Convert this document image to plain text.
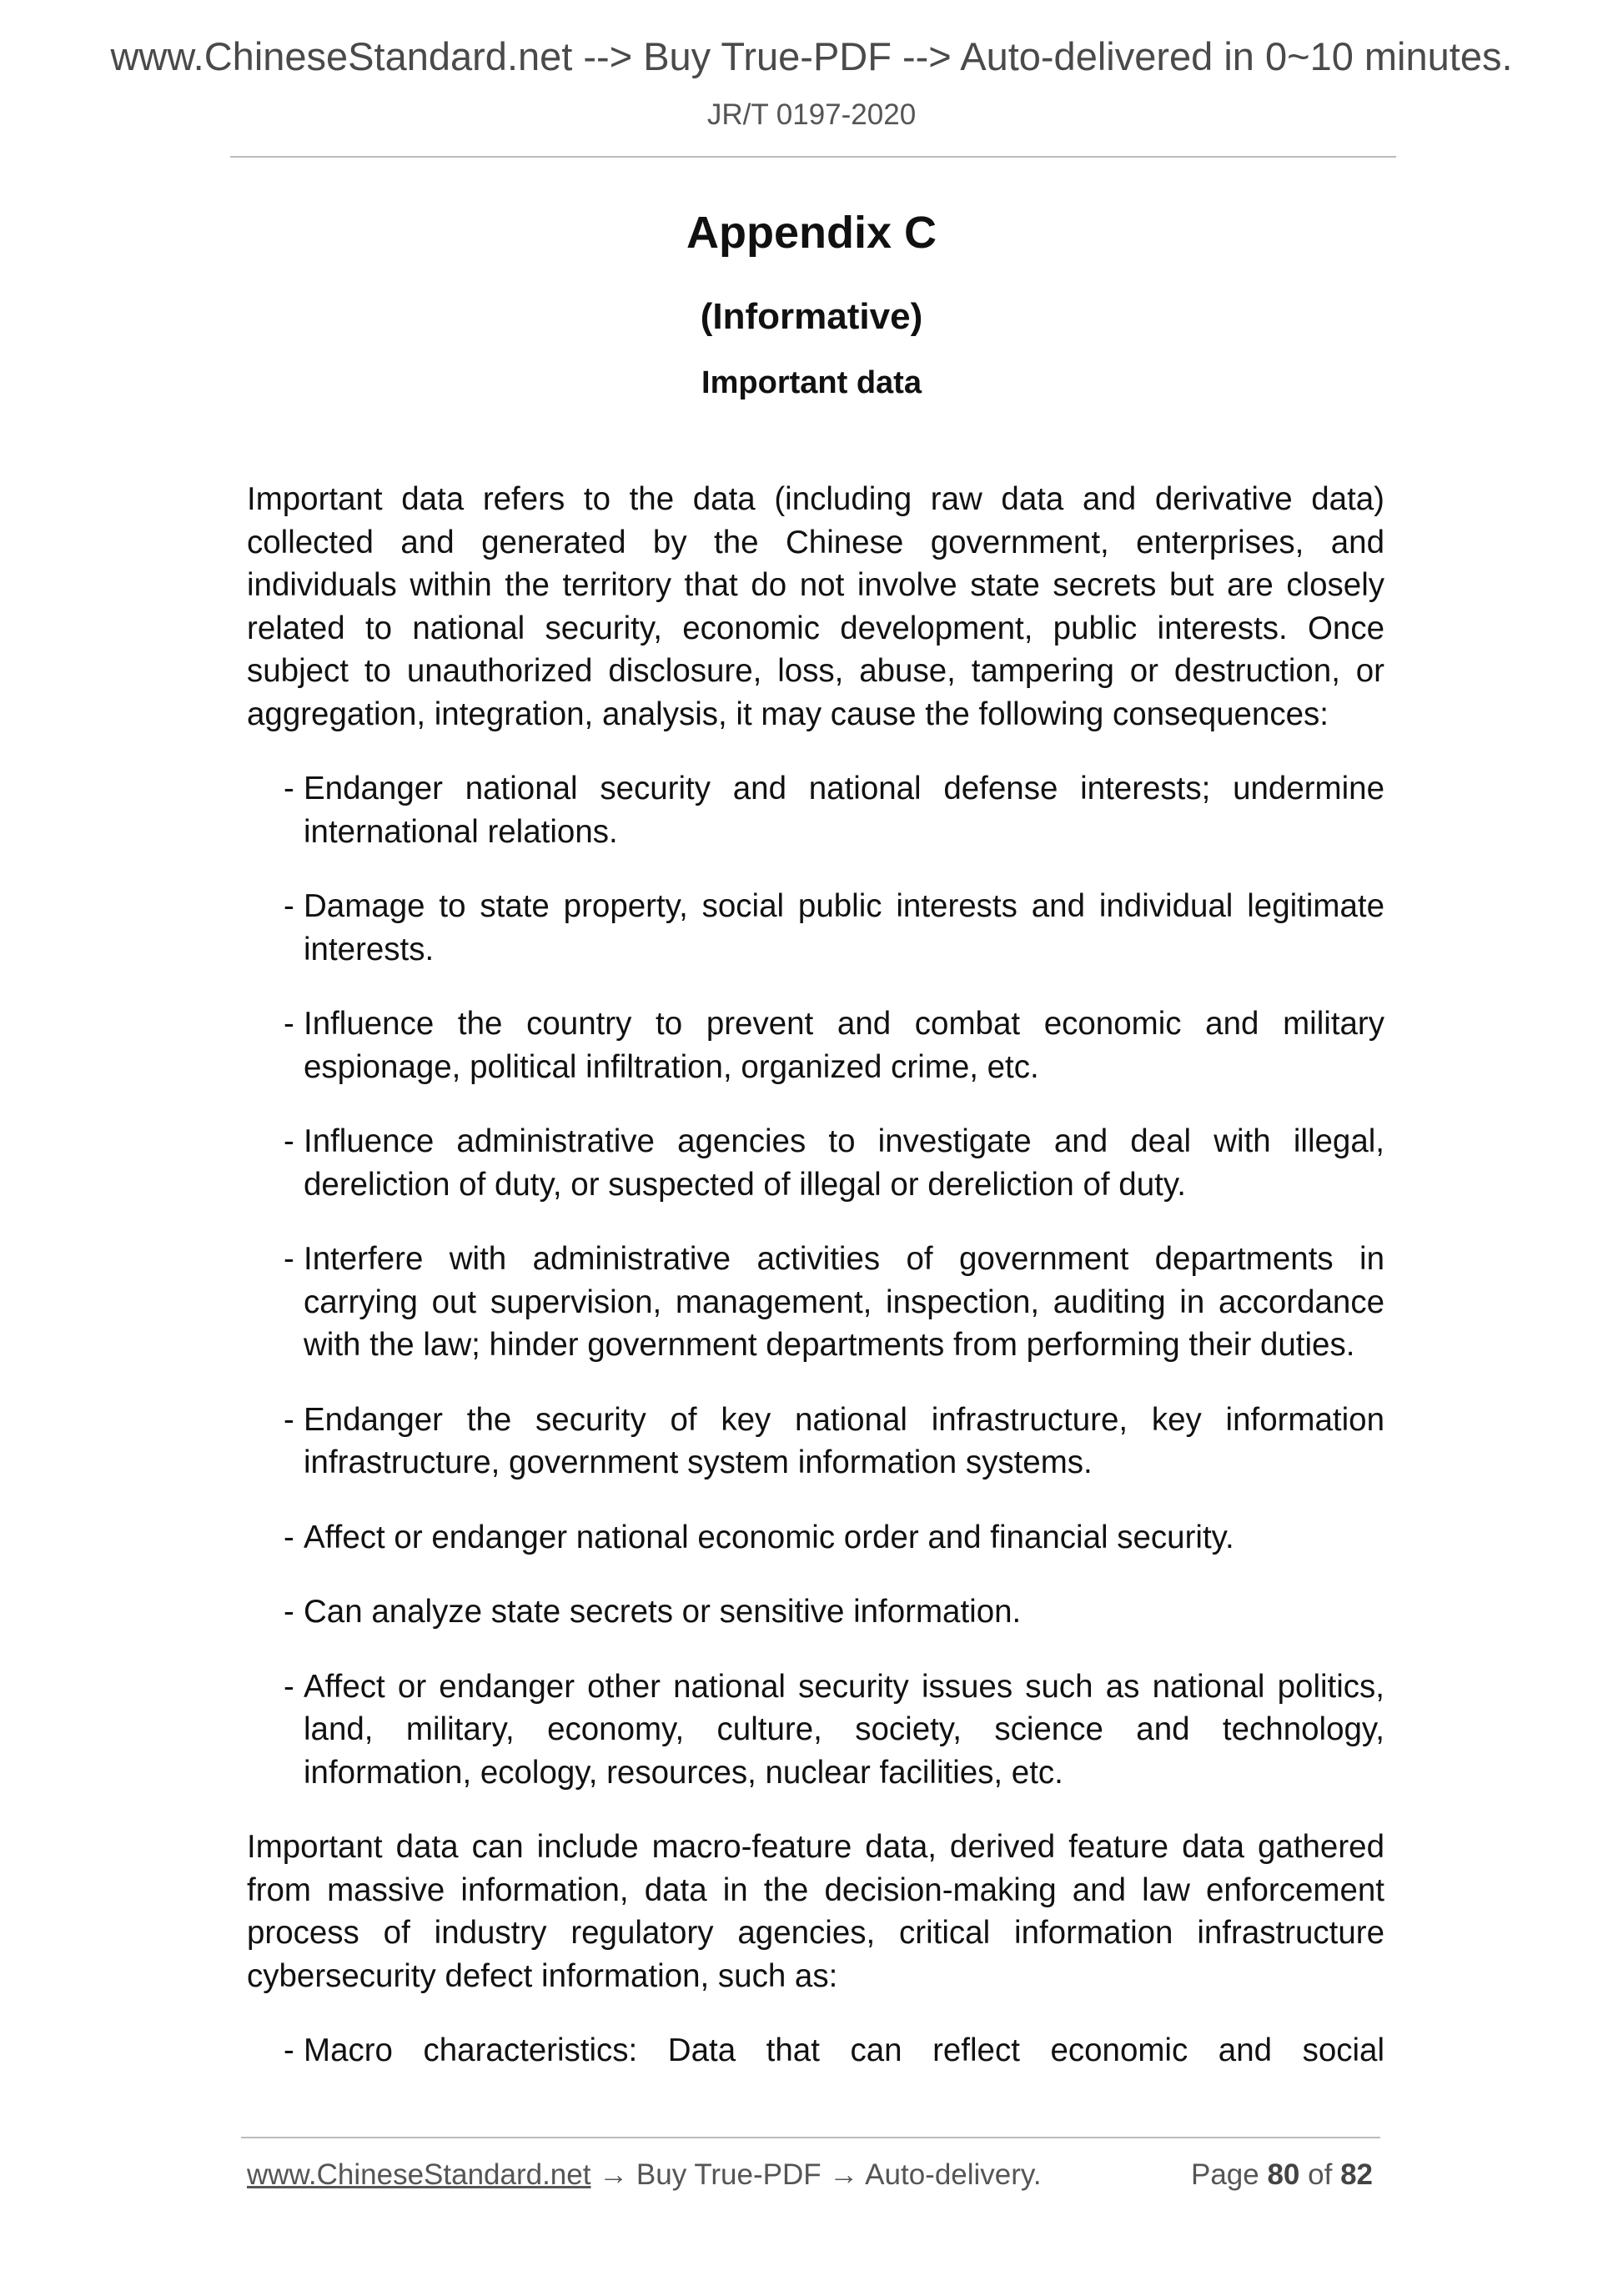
www.ChineseStandard.net --> Buy True-PDF --> Auto-delivered in 0~10 minutes.
JR/T 0197-2020
Appendix C
(Informative)
Important data

Important data refers to the data (including raw data and derivative data) collected and generated by the Chinese government, enterprises, and individuals within the territory that do not involve state secrets but are closely related to national security, economic development, public interests. Once subject to unauthorized disclosure, loss, abuse, tampering or destruction, or aggregation, integration, analysis, it may cause the following consequences:

- Endanger national security and national defense interests; undermine international relations.
- Damage to state property, social public interests and individual legitimate interests.
- Influence the country to prevent and combat economic and military espionage, political infiltration, organized crime, etc.
- Influence administrative agencies to investigate and deal with illegal, dereliction of duty, or suspected of illegal or dereliction of duty.
- Interfere with administrative activities of government departments in carrying out supervision, management, inspection, auditing in accordance with the law; hinder government departments from performing their duties.
- Endanger the security of key national infrastructure, key information infrastructure, government system information systems.
- Affect or endanger national economic order and financial security.
- Can analyze state secrets or sensitive information.
- Affect or endanger other national security issues such as national politics, land, military, economy, culture, society, science and technology, information, ecology, resources, nuclear facilities, etc.

Important data can include macro-feature data, derived feature data gathered from massive information, data in the decision-making and law enforcement process of industry regulatory agencies, critical information infrastructure cybersecurity defect information, such as:

- Macro characteristics: Data that can reflect economic and social
www.ChineseStandard.net → Buy True-PDF → Auto-delivery.	Page 80 of 82
